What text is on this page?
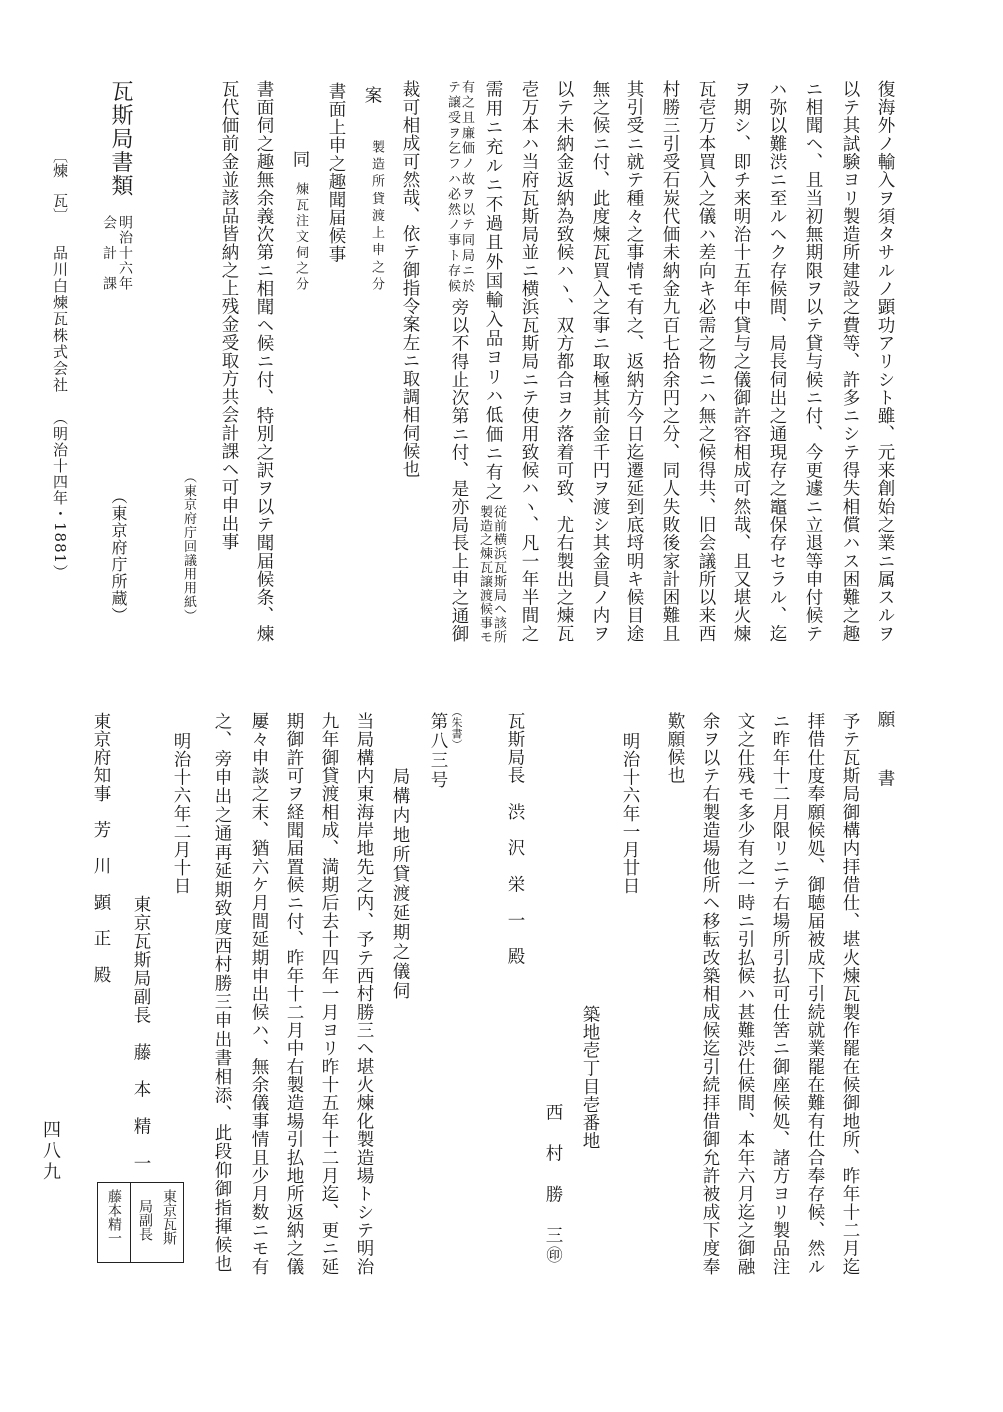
復海外ノ輸入ヲ須タサルノ顕功アリシト雖、元来創始之業ニ属スルヲ
以テ其試験ヨリ製造所建設之費等、許多ニシテ得失相償ハス困難之趣
ニ相聞ヘ、且当初無期限ヲ以テ貸与候ニ付、今更遽ニ立退等申付候テ
ハ弥以難渋ニ至ルヘク存候間、局長伺出之通現存之竈保存セラル、迄
ヲ期シ、即チ来明治十五年中貸与之儀御許容相成可然哉、且又堪火煉
瓦壱万本買入之儀ハ差向キ必需之物ニハ無之候得共、旧会議所以来西
村勝三引受石炭代価未納金九百七拾余円之分、同人失敗後家計困難且
其引受ニ就テ種々之事情モ有之、返納方今日迄遷延到底埒明キ候目途
無之候ニ付、此度煉瓦買入之事ニ取極其前金千円ヲ渡シ其金員ノ内ヲ
以テ未納金返納為致候ハヽ、双方都合ヨク落着可致、尤右製出之煉瓦
壱万本ハ当府瓦斯局並ニ横浜瓦斯局ニテ使用致候ハヽ、凡一年半間之
需用ニ充ルニ不過且外国輸入品ヨリハ低価ニ有之
従前横浜瓦斯局ヘ該所
製造之煉瓦譲渡候事モ
有之且廉価ノ故ヲ以テ同局ニ於
テ譲受ヲ乞フハ必然ノ事ト存候
旁以不得止次第ニ付、是亦局長上申之通御
裁可相成可然哉、依テ御指令案左ニ取調相伺候也
案
製造所貸渡上申之分
書面上申之趣聞届候事
同
煉瓦注文伺之分
書面伺之趣無余義次第ニ相聞ヘ候ニ付、特別之訳ヲ以テ聞届候条、煉
瓦代価前金並該品皆納之上残金受取方共会計課ヘ可申出事
（東京府庁回議用用紙）
瓦斯局書類
明治十六年
会　計　課
（東京府庁所蔵）
〔煉　瓦〕
品川白煉瓦株式会社
（明治十四年・1881）
願　書
予テ瓦斯局御構内拝借仕、堪火煉瓦製作罷在候御地所、昨年十二月迄
拝借仕度奉願候処、御聴届被成下引続就業罷在難有仕合奉存候、然ル
ニ昨年十二月限リニテ右場所引払可仕筈ニ御座候処、諸方ヨリ製品注
文之仕残モ多少有之一時ニ引払候ハ甚難渋仕候間、本年六月迄之御融
余ヲ以テ右製造場他所ヘ移転改築相成候迄引続拝借御允許被成下度奉
歎願候也
明治十六年一月廿日
築地壱丁目壱番地
西　村　勝　三㊞
瓦斯局長　渋　沢　栄　一　殿
（朱書）
第八三号
局構内地所貸渡延期之儀伺
当局構内東海岸地先之内、予テ西村勝三ヘ堪火煉化製造場トシテ明治
九年御貸渡相成、満期后去十四年一月ヨリ昨十五年十二月迄、更ニ延
期御許可ヲ経聞届置候ニ付、昨年十二月中右製造場引払地所返納之儀
屢々申談之末、猶六ケ月間延期申出候ハ、無余儀事情且少月数ニモ有
之、旁申出之通再延期致度西村勝三申出書相添、此段仰御指揮候也
明治十六年二月十日
東京瓦斯局副長　藤　本　精　一
東京府知事　芳　川　顕　正　殿
東京瓦斯
局副長
藤本精一
四八九
